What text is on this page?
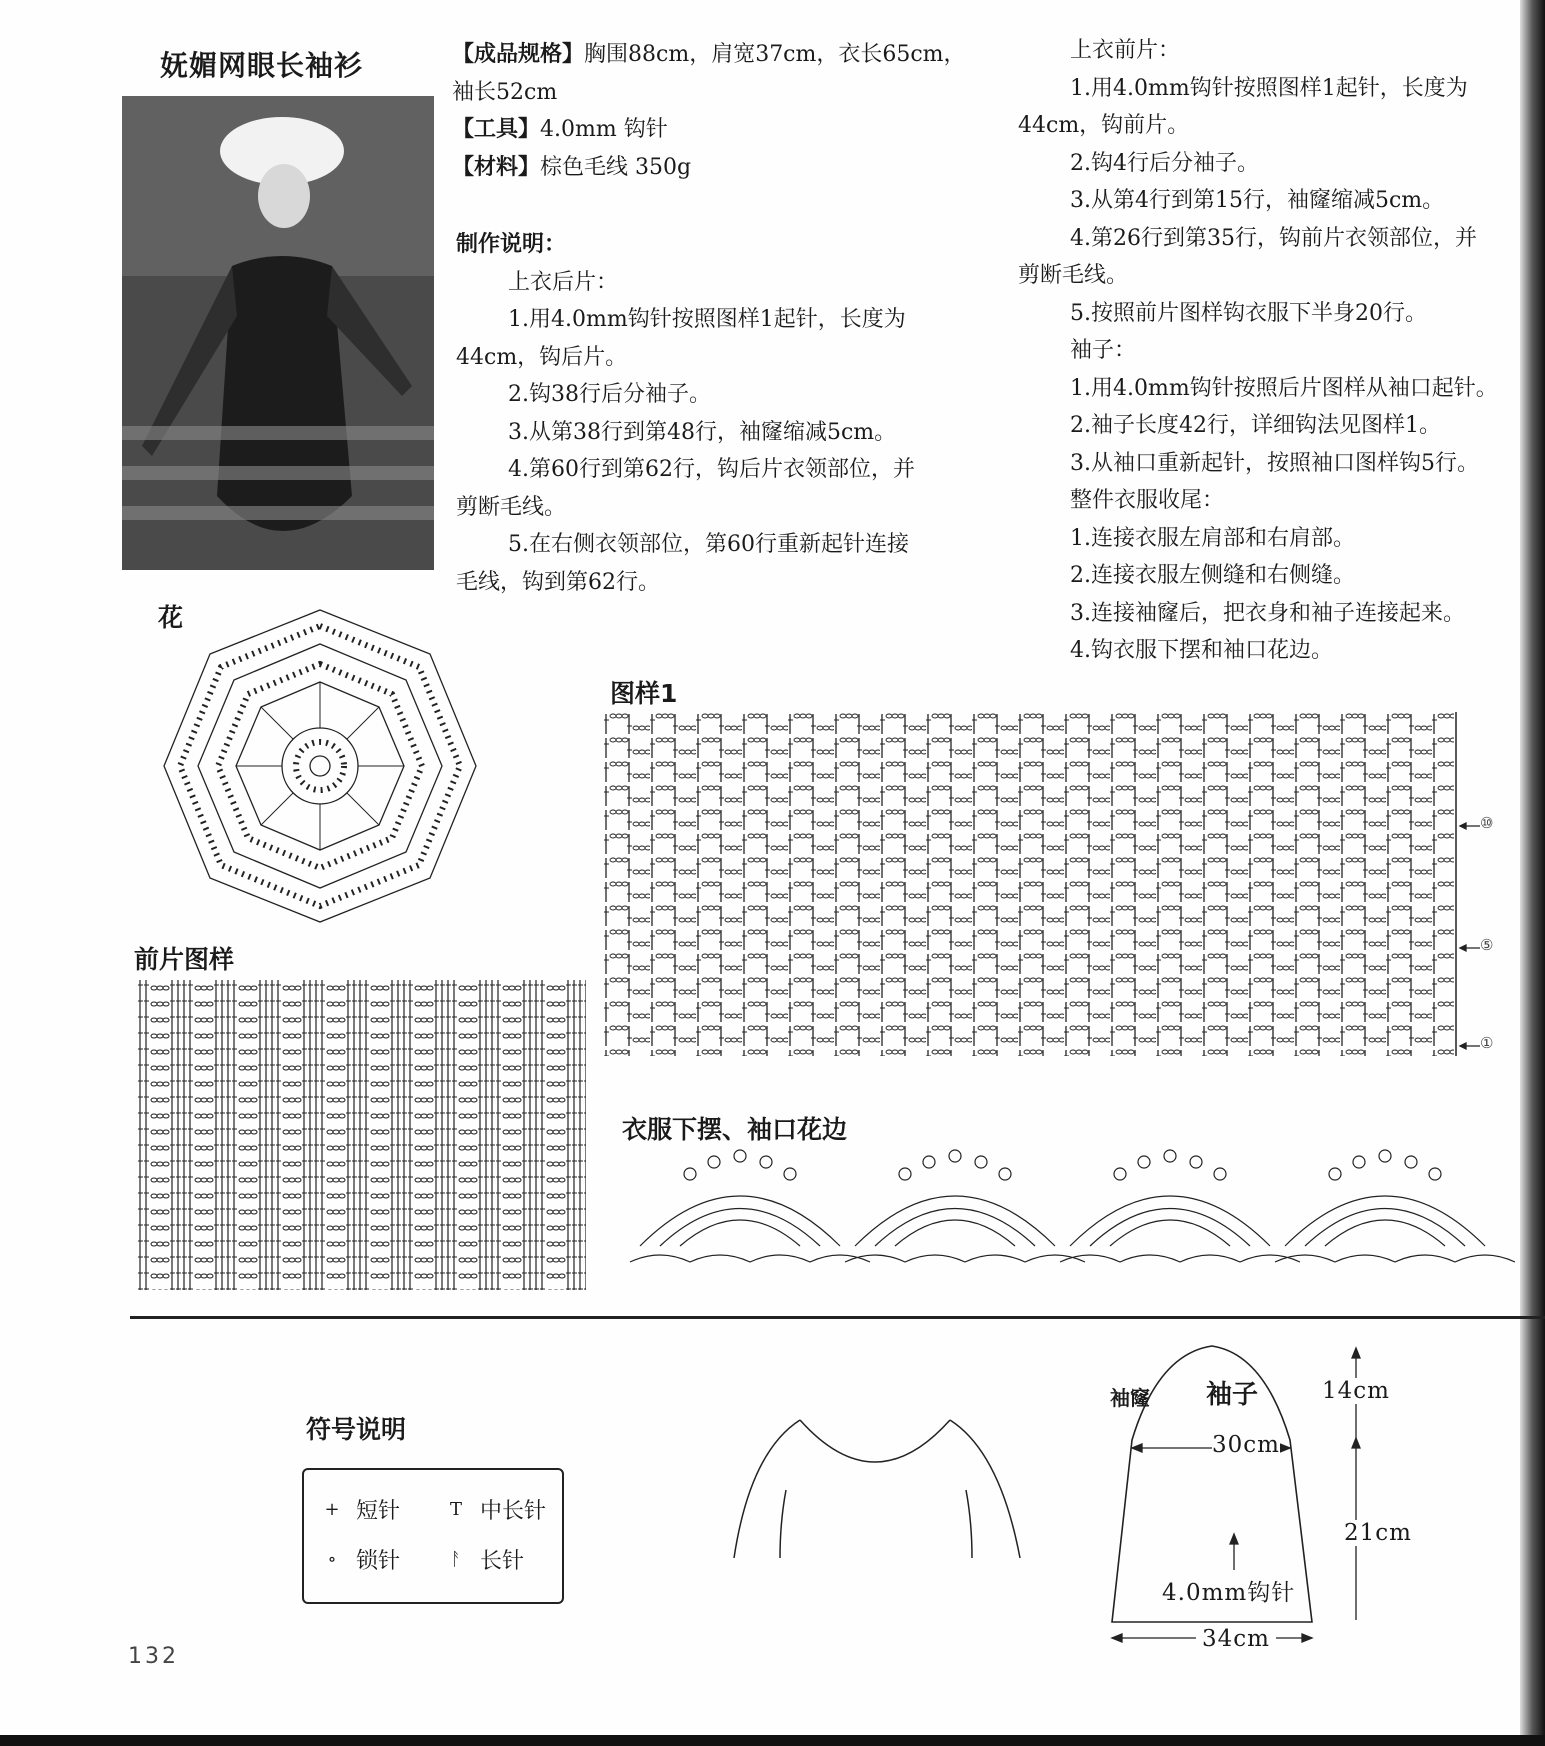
妩媚网眼长袖衫	【成品规格】胸围88cm，肩宽37cm，衣长65cm，
袖长52cm
【工具】4.0mm 钩针
【材料】棕色毛线 350g
制作说明：
上衣后片：
1.用4.0mm钩针按照图样1起针，长度为
44cm，钩后片。
2.钩38行后分袖子。
3.从第38行到第48行，袖窿缩减5cm。
4.第60行到第62行，钩后片衣领部位，并
剪断毛线。
5.在右侧衣领部位，第60行重新起针连接
毛线，钩到第62行。
上衣前片：
1.用4.0mm钩针按照图样1起针，长度为
44cm，钩前片。
2.钩4行后分袖子。
3.从第4行到第15行，袖窿缩减5cm。
4.第26行到第35行，钩前片衣领部位，并
剪断毛线。
5.按照前片图样钩衣服下半身20行。
袖子：
1.用4.0mm钩针按照后片图样从袖口起针。
2.袖子长度42行，详细钩法见图样1。
3.从袖口重新起针，按照袖口图样钩5行。
整件衣服收尾：
1.连接衣服左肩部和右肩部。
2.连接衣服左侧缝和右侧缝。
3.连接袖窿后，把衣身和袖子连接起来。
4.钩衣服下摆和袖口花边。
花
前片图样
图样1
⑩
⑤
①
衣服下摆、袖口花边
符号说明
+ 短针	T 中长针
∘ 锁针	ᚨ 长针
袖窿 袖子	14cm
30cm
21cm
4.0mm钩针
34cm
132
